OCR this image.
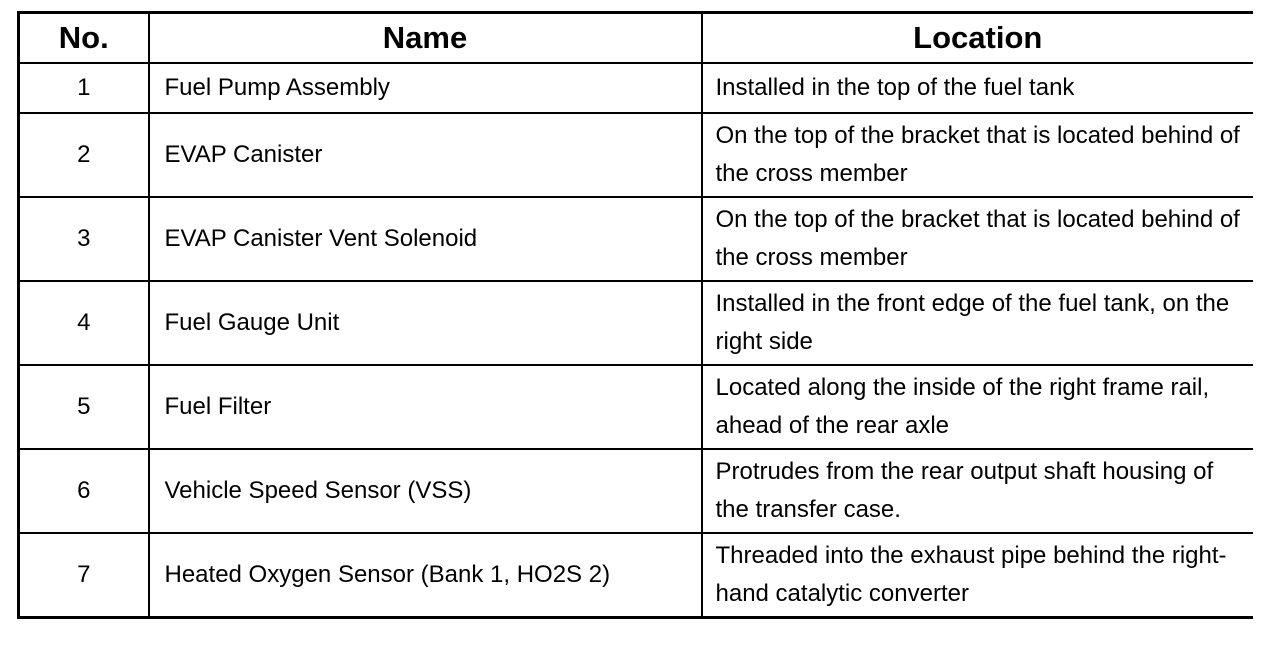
No.	Name	Location
1	Fuel Pump Assembly	Installed in the top of the fuel tank
2	EVAP Canister	On the top of the bracket that is located behind of the cross member
3	EVAP Canister Vent Solenoid	On the top of the bracket that is located behind of the cross member
4	Fuel Gauge Unit	Installed in the front edge of the fuel tank, on the right side
5	Fuel Filter	Located along the inside of the right frame rail, ahead of the rear axle
6	Vehicle Speed Sensor (VSS)	Protrudes from the rear output shaft housing of the transfer case.
7	Heated Oxygen Sensor (Bank 1, HO2S 2)	Threaded into the exhaust pipe behind the right-hand catalytic converter
